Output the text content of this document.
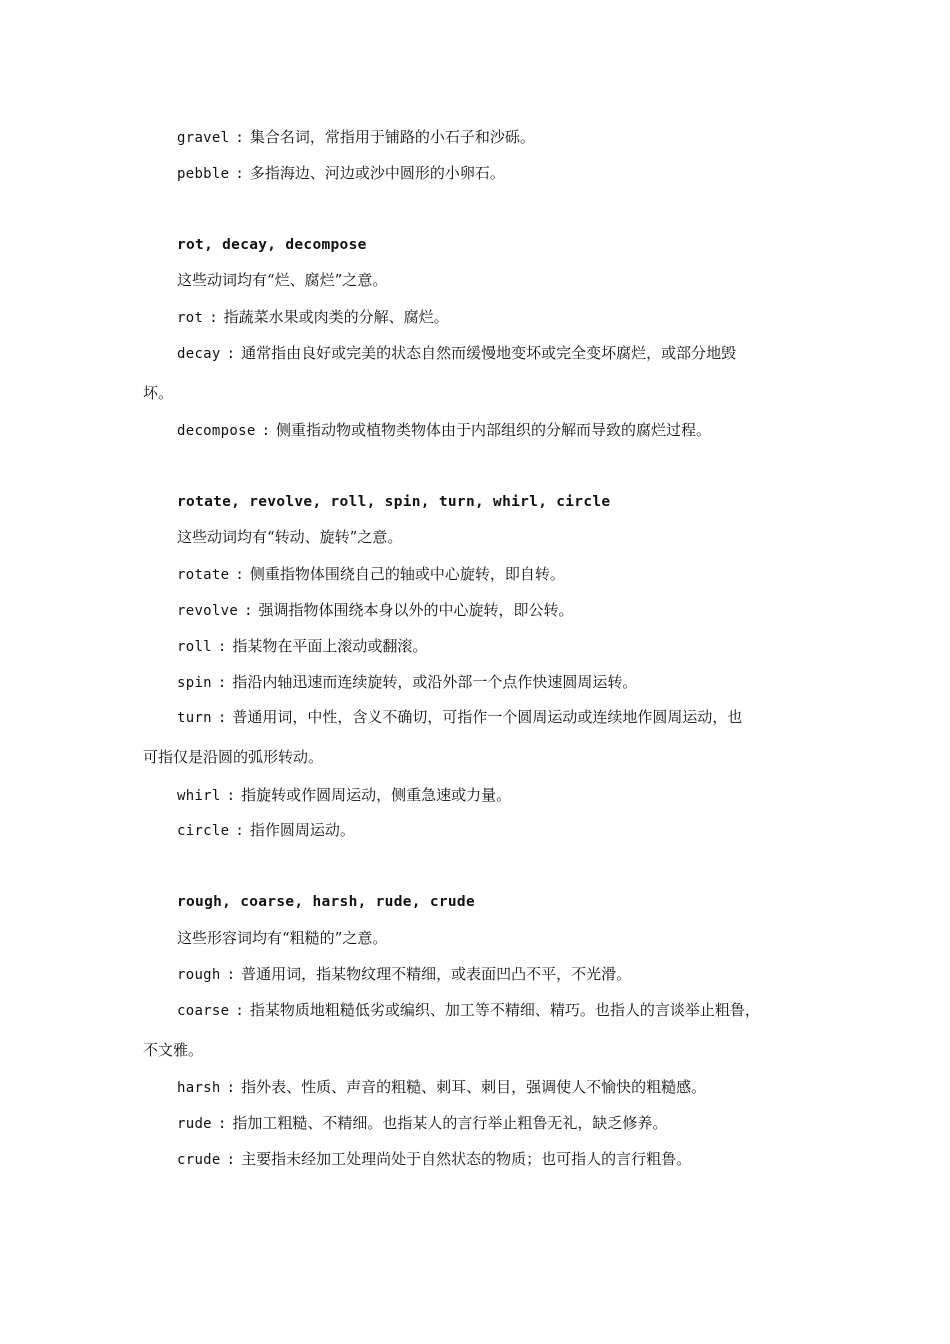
gravel : 集合名词，常指用于铺路的小石子和沙砾。
pebble : 多指海边、河边或沙中圆形的小卵石。
rot, decay, decompose
这些动词均有“烂、腐烂”之意。
rot : 指蔬菜水果或肉类的分解、腐烂。
decay : 通常指由良好或完美的状态自然而缓慢地变坏或完全变坏腐烂，或部分地毁
坏。
decompose : 侧重指动物或植物类物体由于内部组织的分解而导致的腐烂过程。
rotate, revolve, roll, spin, turn, whirl, circle
这些动词均有“转动、旋转”之意。
rotate : 侧重指物体围绕自己的轴或中心旋转，即自转。
revolve : 强调指物体围绕本身以外的中心旋转，即公转。
roll : 指某物在平面上滚动或翻滚。
spin : 指沿内轴迅速而连续旋转，或沿外部一个点作快速圆周运转。
turn : 普通用词，中性，含义不确切，可指作一个圆周运动或连续地作圆周运动，也
可指仅是沿圆的弧形转动。
whirl : 指旋转或作圆周运动，侧重急速或力量。
circle : 指作圆周运动。
rough, coarse, harsh, rude, crude
这些形容词均有“粗糙的”之意。
rough : 普通用词，指某物纹理不精细，或表面凹凸不平，不光滑。
coarse : 指某物质地粗糙低劣或编织、加工等不精细、精巧。也指人的言谈举止粗鲁，
不文雅。
harsh : 指外表、性质、声音的粗糙、刺耳、刺目，强调使人不愉快的粗糙感。
rude : 指加工粗糙、不精细。也指某人的言行举止粗鲁无礼，缺乏修养。
crude : 主要指未经加工处理尚处于自然状态的物质；也可指人的言行粗鲁。
